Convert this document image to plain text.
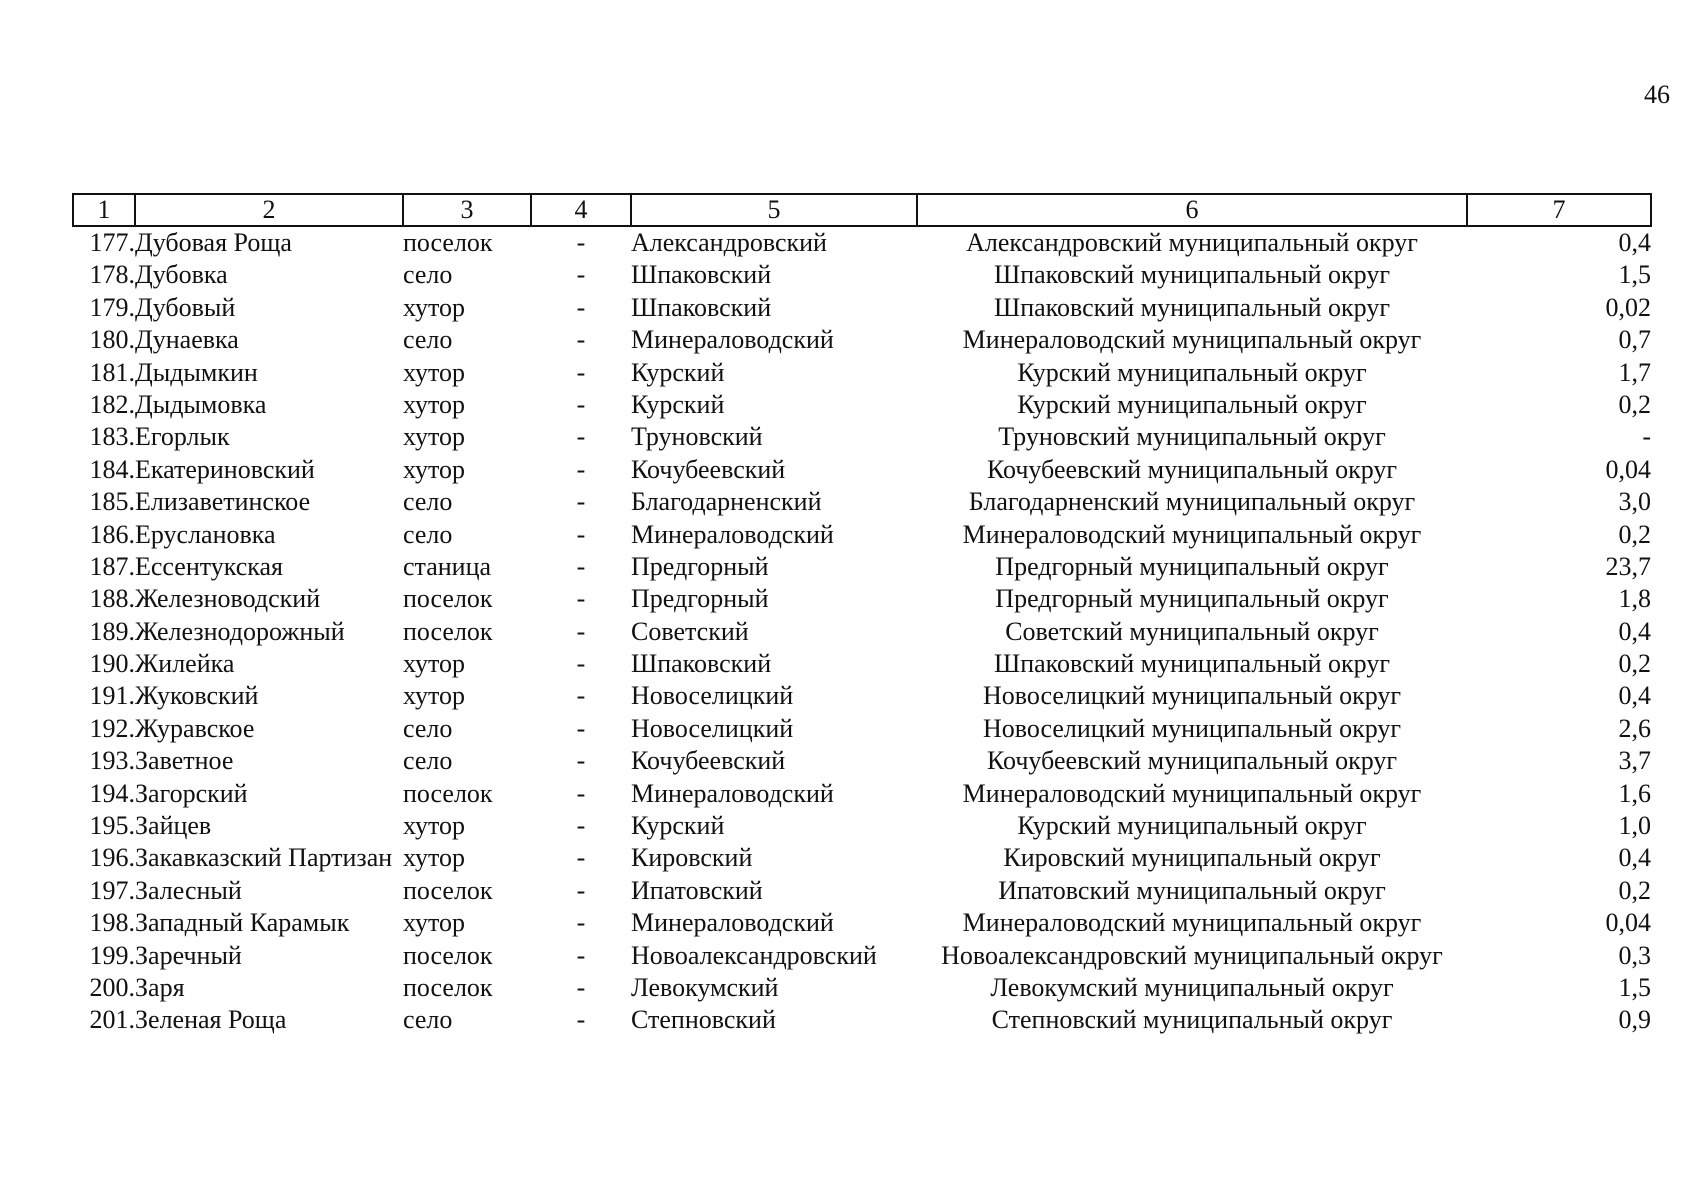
46
1	2	3	4	5	6	7
177.	Дубовая Роща	поселок	-	Александровский	Александровский муниципальный округ	0,4
178.	Дубовка	село	-	Шпаковский	Шпаковский муниципальный округ	1,5
179.	Дубовый	хутор	-	Шпаковский	Шпаковский муниципальный округ	0,02
180.	Дунаевка	село	-	Минераловодский	Минераловодский муниципальный округ	0,7
181.	Дыдымкин	хутор	-	Курский	Курский муниципальный округ	1,7
182.	Дыдымовка	хутор	-	Курский	Курский муниципальный округ	0,2
183.	Егорлык	хутор	-	Труновский	Труновский муниципальный округ	-
184.	Екатериновский	хутор	-	Кочубеевский	Кочубеевский муниципальный округ	0,04
185.	Елизаветинское	село	-	Благодарненский	Благодарненский муниципальный округ	3,0
186.	Еруслановка	село	-	Минераловодский	Минераловодский муниципальный округ	0,2
187.	Ессентукская	станица	-	Предгорный	Предгорный муниципальный округ	23,7
188.	Железноводский	поселок	-	Предгорный	Предгорный муниципальный округ	1,8
189.	Железнодорожный	поселок	-	Советский	Советский муниципальный округ	0,4
190.	Жилейка	хутор	-	Шпаковский	Шпаковский муниципальный округ	0,2
191.	Жуковский	хутор	-	Новоселицкий	Новоселицкий муниципальный округ	0,4
192.	Журавское	село	-	Новоселицкий	Новоселицкий муниципальный округ	2,6
193.	Заветное	село	-	Кочубеевский	Кочубеевский муниципальный округ	3,7
194.	Загорский	поселок	-	Минераловодский	Минераловодский муниципальный округ	1,6
195.	Зайцев	хутор	-	Курский	Курский муниципальный округ	1,0
196.	Закавказский Партизан	хутор	-	Кировский	Кировский муниципальный округ	0,4
197.	Залесный	поселок	-	Ипатовский	Ипатовский муниципальный округ	0,2
198.	Западный Карамык	хутор	-	Минераловодский	Минераловодский муниципальный округ	0,04
199.	Заречный	поселок	-	Новоалександровский	Новоалександровский муниципальный округ	0,3
200.	Заря	поселок	-	Левокумский	Левокумский муниципальный округ	1,5
201.	Зеленая Роща	село	-	Степновский	Степновский муниципальный округ	0,9
